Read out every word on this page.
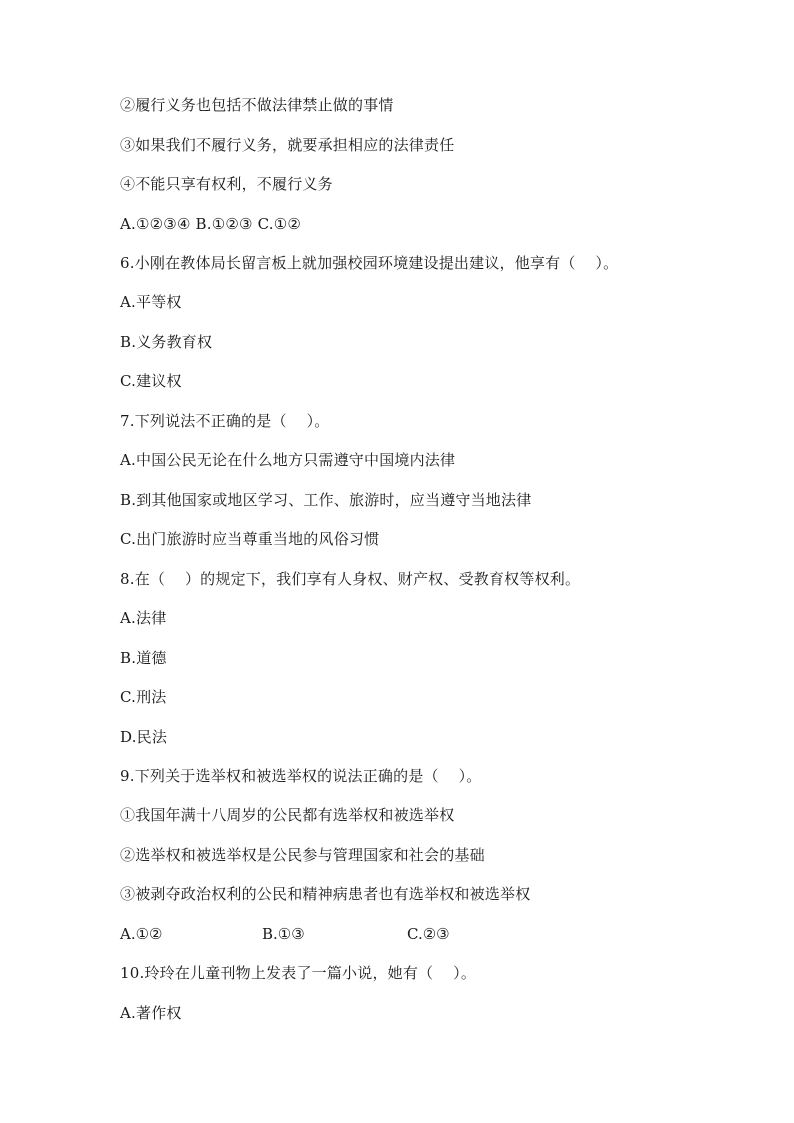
②履行义务也包括不做法律禁止做的事情
③如果我们不履行义务，就要承担相应的法律责任
④不能只享有权利，不履行义务
A.①②③④ B.①②③ C.①②
6.小刚在教体局长留言板上就加强校园环境建设提出建议，他享有（    ）。
A.平等权
B.义务教育权
C.建议权
7.下列说法不正确的是（    ）。
A.中国公民无论在什么地方只需遵守中国境内法律
B.到其他国家或地区学习、工作、旅游时，应当遵守当地法律
C.出门旅游时应当尊重当地的风俗习惯
8.在（    ）的规定下，我们享有人身权、财产权、受教育权等权利。
A.法律
B.道德
C.刑法
D.民法
9.下列关于选举权和被选举权的说法正确的是（    ）。
①我国年满十八周岁的公民都有选举权和被选举权
②选举权和被选举权是公民参与管理国家和社会的基础
③被剥夺政治权利的公民和精神病患者也有选举权和被选举权

A.①②

	B.①③

	C.②③

10.玲玲在儿童刊物上发表了一篇小说，她有（    ）。
A.著作权
